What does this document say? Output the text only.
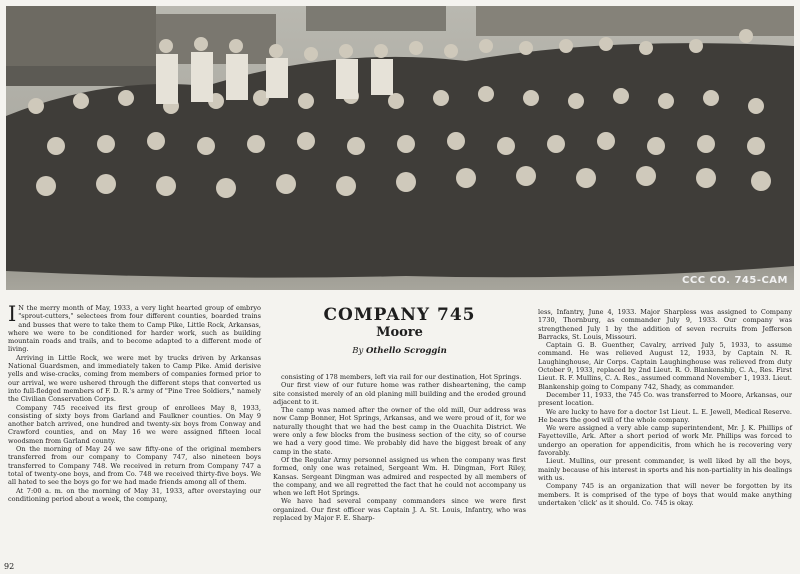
CCC CO. 745-CAM

I N the merry month of May, 1933, a very light hearted group of embryo "sprout-cutters," selectees from four different counties, boarded trains and busses that were to take them to Camp Pike, Little Rock, Arkansas, where we were to be conditioned for harder work, such as building mountain roads and trails, and to become adapted to a different mode of living.

Arriving in Little Rock, we were met by trucks driven by Arkansas National Guardsmen, and immediately taken to Camp Pike. Amid derisive yells and wise-cracks, coming from members of companies formed prior to our arrival, we were ushered through the different steps that converted us into full-fledged members of F. D. R.'s army of "Pine Tree Soldiers," namely the Civilian Conservation Corps.

Company 745 received its first group of enrollees May 8, 1933, consisting of sixty boys from Garland and Faulkner counties. On May 9 another batch arrived, one hundred and twenty-six boys from Conway and Crawford counties, and on May 16 we were assigned fifteen local woodsmen from Garland county.

On the morning of May 24 we saw fifty-one of the original members transferred from our company to Company 747, also nineteen boys transferred to Company 748. We received in return from Company 747 a total of twenty-one boys, and from Co. 748 we received thirty-five boys. We all hated to see the boys go for we had made friends among all of them.

At 7:00 a. m. on the morning of May 31, 1933, after overstaying our conditioning period about a week, the company,

COMPANY 745
Moore
By Othello Scroggin

consisting of 178 members, left via rail for our destination, Hot Springs.

Our first view of our future home was rather disheartening, the camp site consisted merely of an old planing mill building and the eroded ground adjacent to it.

The camp was named after the owner of the old mill, Our address was now Camp Bonner, Hot Springs, Arkansas, and we were proud of it, for we naturally thought that we had the best camp in the Ouachita District. We were only a few blocks from the business section of the city, so of course we had a very good time. We probably did have the biggest break of any camp in the state.

Of the Regular Army personnel assigned us when the company was first formed, only one was retained, Sergeant Wm. H. Dingman, Fort Riley, Kansas. Sergeant Dingman was admired and respected by all members of the company, and we all regretted the fact that he could not accompany us when we left Hot Springs.

We have had several company commanders since we were first organized. Our first officer was Captain J. A. St. Louis, Infantry, who was replaced by Major F. E. Sharp-

less, Infantry, June 4, 1933. Major Sharpless was assigned to Company 1730, Thornburg, as commander July 9, 1933. Our company was strengthened July 1 by the addition of seven recruits from Jefferson Barracks, St. Louis, Missouri.

Captain G. B. Guenther, Cavalry, arrived July 5, 1933, to assume command. He was relieved August 12, 1933, by Captain N. R. Laughinghouse, Air Corps. Captain Laughinghouse was relieved from duty October 9, 1933, replaced by 2nd Lieut. R. O. Blankenship, C. A., Res. First Lieut. R. F. Mullins, C. A. Res., assumed command November 1, 1933. Lieut. Blankenship going to Company 742, Shady, as commander.

December 11, 1933, the 745 Co. was transferred to Moore, Arkansas, our present location.

We are lucky to have for a doctor 1st Lieut. L. E. Jewell, Medical Reserve. He bears the good will of the whole company.

We were assigned a very able camp superintendent, Mr. J. K. Phillips of Fayetteville, Ark. After a short period of work Mr. Phillips was forced to undergo an operation for appendicitis, from which he is recovering very favorably.

Lieut. Mullins, our present commander, is well liked by all the boys, mainly because of his interest in sports and his non-partiality in his dealings with us.

Company 745 is an organization that will never be forgotten by its members. It is comprised of the type of boys that would make anything undertaken 'click' as it should. Co. 745 is okay.

92
